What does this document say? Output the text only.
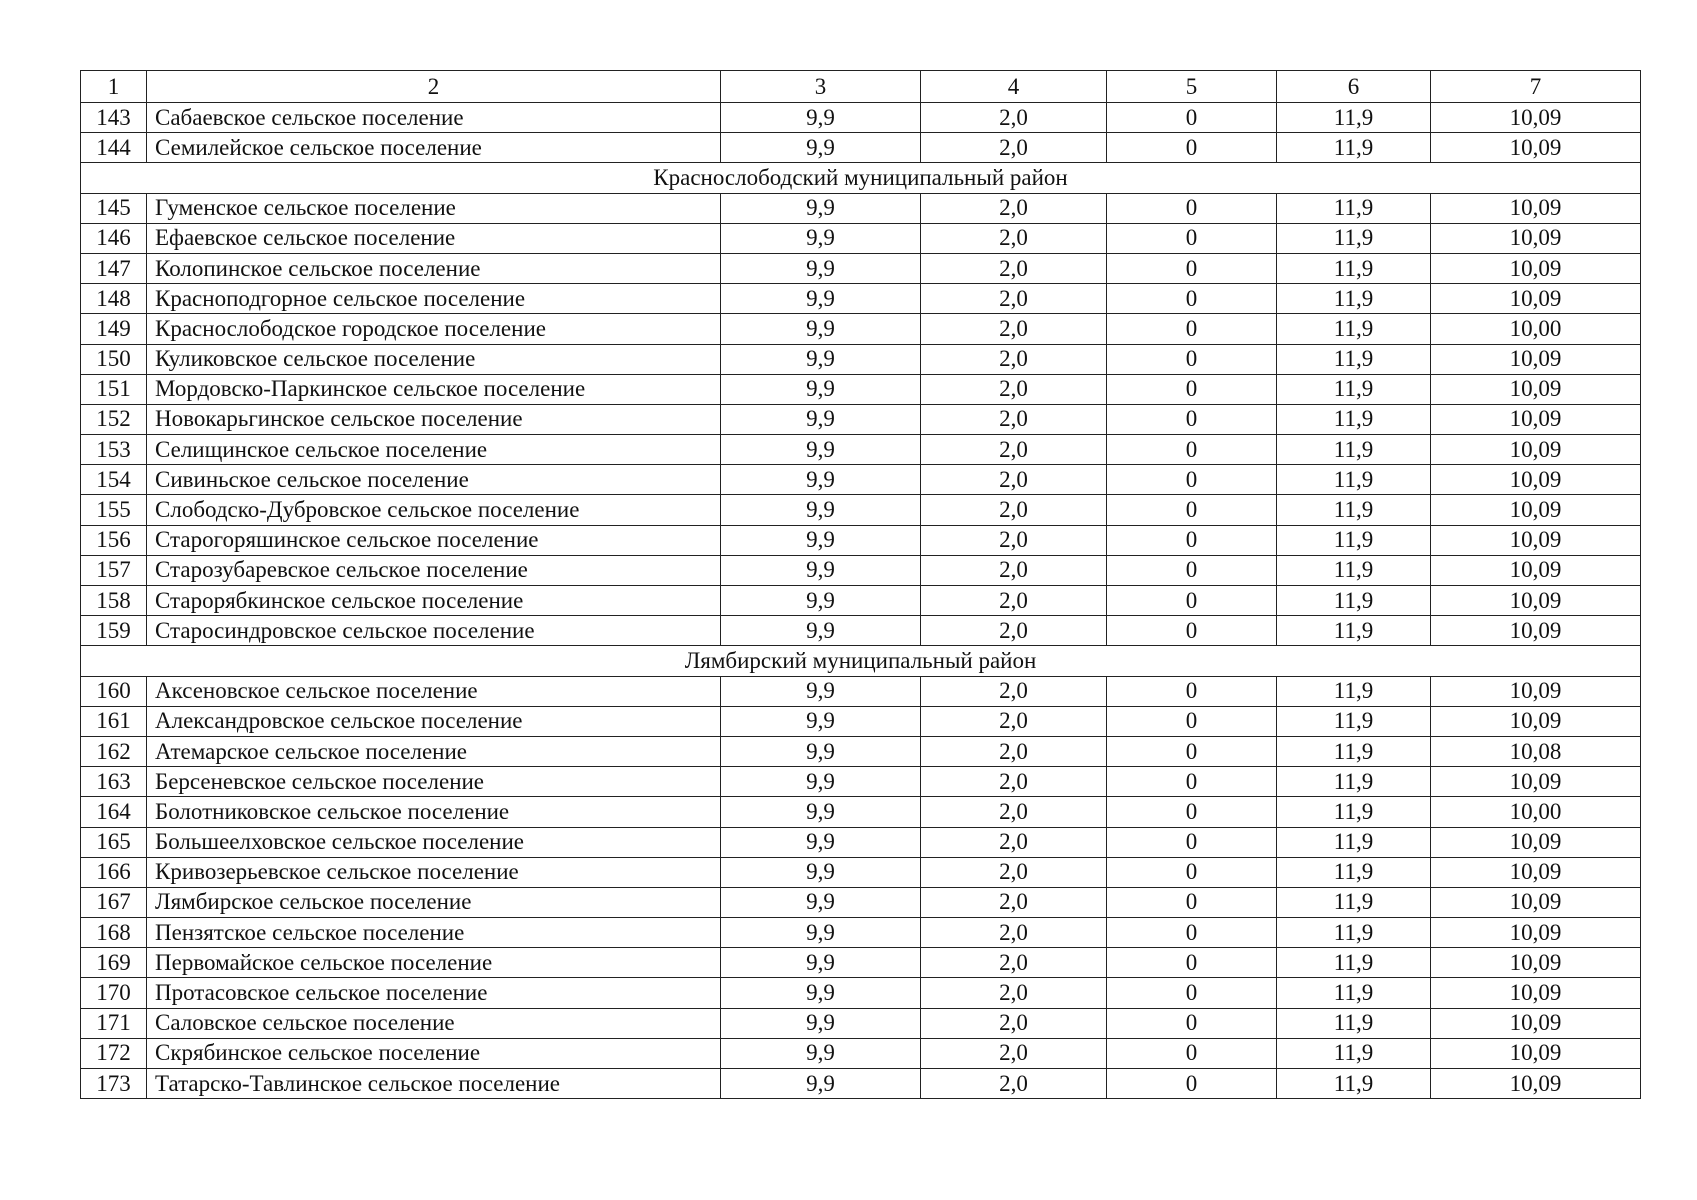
1	2	3	4	5	6	7
143	Сабаевское сельское поселение	9,9	2,0	0	11,9	10,09
144	Семилейское сельское поселение	9,9	2,0	0	11,9	10,09
Краснослободский муниципальный район						
145	Гуменское сельское поселение	9,9	2,0	0	11,9	10,09
146	Ефаевское сельское поселение	9,9	2,0	0	11,9	10,09
147	Колопинское сельское поселение	9,9	2,0	0	11,9	10,09
148	Краснoподгорное сельское поселение	9,9	2,0	0	11,9	10,09
149	Краснослободское городское поселение	9,9	2,0	0	11,9	10,00
150	Куликовское сельское поселение	9,9	2,0	0	11,9	10,09
151	Мордовско-Паркинское сельское поселение	9,9	2,0	0	11,9	10,09
152	Новокарьгинское сельское поселение	9,9	2,0	0	11,9	10,09
153	Селищинское сельское поселение	9,9	2,0	0	11,9	10,09
154	Сивиньское сельское поселение	9,9	2,0	0	11,9	10,09
155	Слободско-Дубровское сельское поселение	9,9	2,0	0	11,9	10,09
156	Старогоряшинское сельское поселение	9,9	2,0	0	11,9	10,09
157	Старозубаревское сельское поселение	9,9	2,0	0	11,9	10,09
158	Старорябкинское сельское поселение	9,9	2,0	0	11,9	10,09
159	Старосиндровское сельское поселение	9,9	2,0	0	11,9	10,09
Лямбирский муниципальный район						
160	Аксеновское сельское поселение	9,9	2,0	0	11,9	10,09
161	Александровское сельское поселение	9,9	2,0	0	11,9	10,09
162	Атемарское сельское поселение	9,9	2,0	0	11,9	10,08
163	Берсеневское сельское поселение	9,9	2,0	0	11,9	10,09
164	Болотниковское сельское поселение	9,9	2,0	0	11,9	10,00
165	Большеелховское сельское поселение	9,9	2,0	0	11,9	10,09
166	Кривозерьевское сельское поселение	9,9	2,0	0	11,9	10,09
167	Лямбирское сельское поселение	9,9	2,0	0	11,9	10,09
168	Пензятское сельское поселение	9,9	2,0	0	11,9	10,09
169	Первомайское сельское поселение	9,9	2,0	0	11,9	10,09
170	Протасовское сельское поселение	9,9	2,0	0	11,9	10,09
171	Саловское сельское поселение	9,9	2,0	0	11,9	10,09
172	Скрябинское сельское поселение	9,9	2,0	0	11,9	10,09
173	Татарско-Тавлинское сельское поселение	9,9	2,0	0	11,9	10,09
